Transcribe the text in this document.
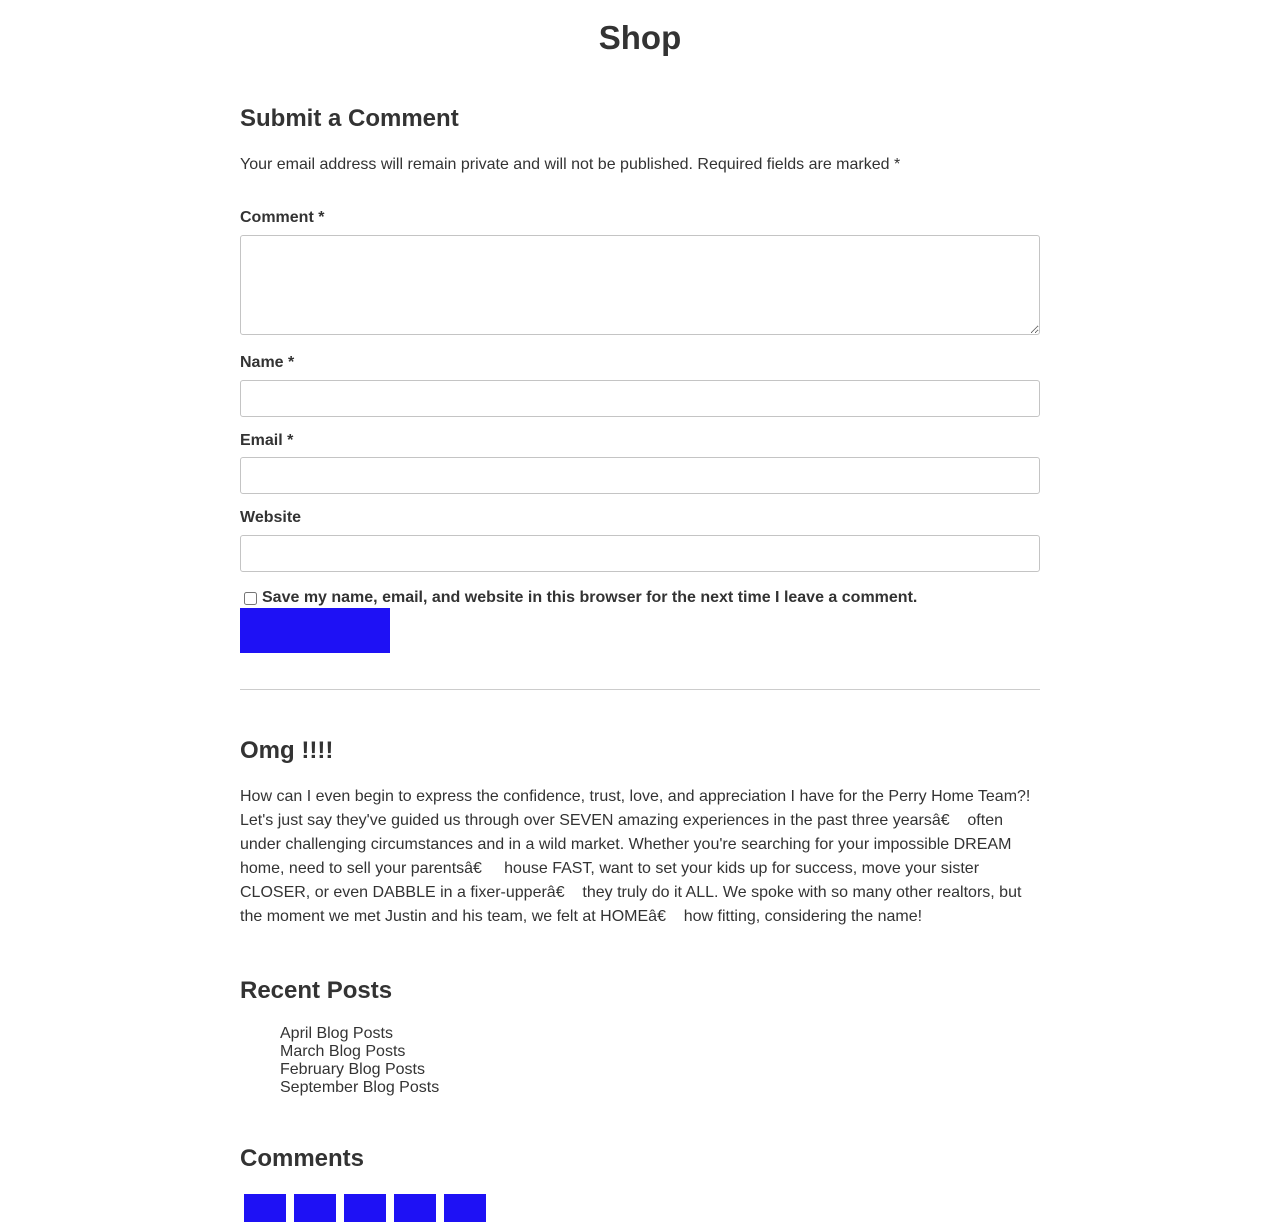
Shop
Submit a Comment

Your email address will remain private and will not be published. Required fields are marked *

Comment *
Name *
Email *
Website
Save my name, email, and website in this browser for the next time I leave a comment.
Omg !!!!

How can I even begin to express the confidence, trust, love, and appreciation I have for the Perry Home Team?! Let's just say they've guided us through over SEVEN amazing experiences in the past three yearsâ€    often under challenging circumstances and in a wild market. Whether you're searching for your impossible DREAM home, need to sell your parentsâ€     house FAST, want to set your kids up for success, move your sister CLOSER, or even DABBLE in a fixer-upperâ€    they truly do it ALL. We spoke with so many other realtors, but the moment we met Justin and his team, we felt at HOMEâ€    how fitting, considering the name!

Recent Posts
April Blog Posts
March Blog Posts
February Blog Posts
September Blog Posts
Comments
